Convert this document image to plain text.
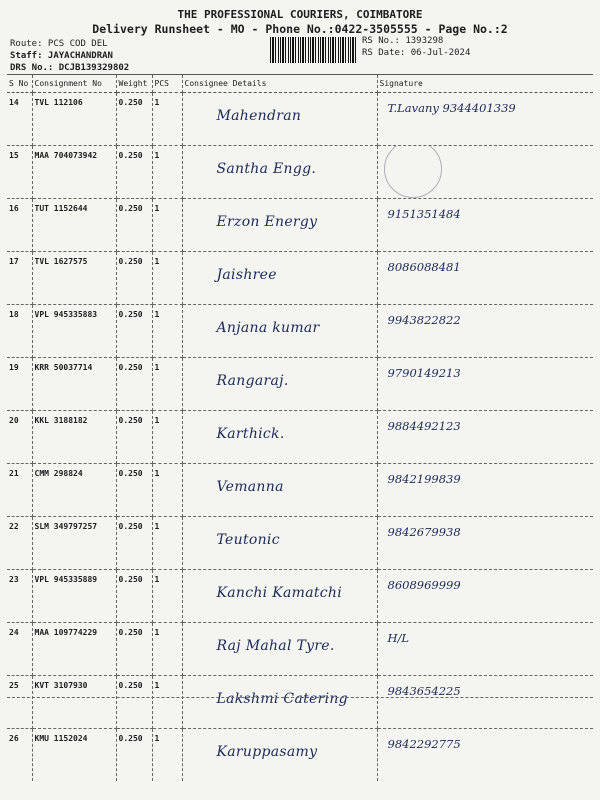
THE PROFESSIONAL COURIERS, COIMBATORE
Delivery Runsheet - MO - Phone No.:0422-3505555 - Page No.:2
Route: PCS COD DEL
Staff: JAYACHANDRAN
DRS No.: DCJB139329802
RS No.: 1393298
RS Date: 06-Jul-2024
S No	Consignment No	Weight	PCS	Consignee Details	Signature
14	TVL 112106	0.250	1	Mahendran	T.Lavany 9344401339

15	MAA 704073942	0.250	1	Santha Engg.	

16	TUT 1152644	0.250	1	Erzon Energy	9151351484

17	TVL 1627575	0.250	1	Jaishree	8086088481

18	VPL 945335883	0.250	1	Anjana kumar	9943822822

19	KRR 50037714	0.250	1	Rangaraj.	9790149213

20	KKL 3188182	0.250	1	Karthick.	9884492123

21	CMM 298824	0.250	1	Vemanna	9842199839

22	SLM 349797257	0.250	1	Teutonic	9842679938

23	VPL 945335889	0.250	1	Kanchi Kamatchi	8608969999

24	MAA 109774229	0.250	1	Raj Mahal Tyre.	H/L

25	KVT 3107930	0.250	1	Lakshmi Catering	9843654225

26	KMU 1152024	0.250	1	Karuppasamy	9842292775
